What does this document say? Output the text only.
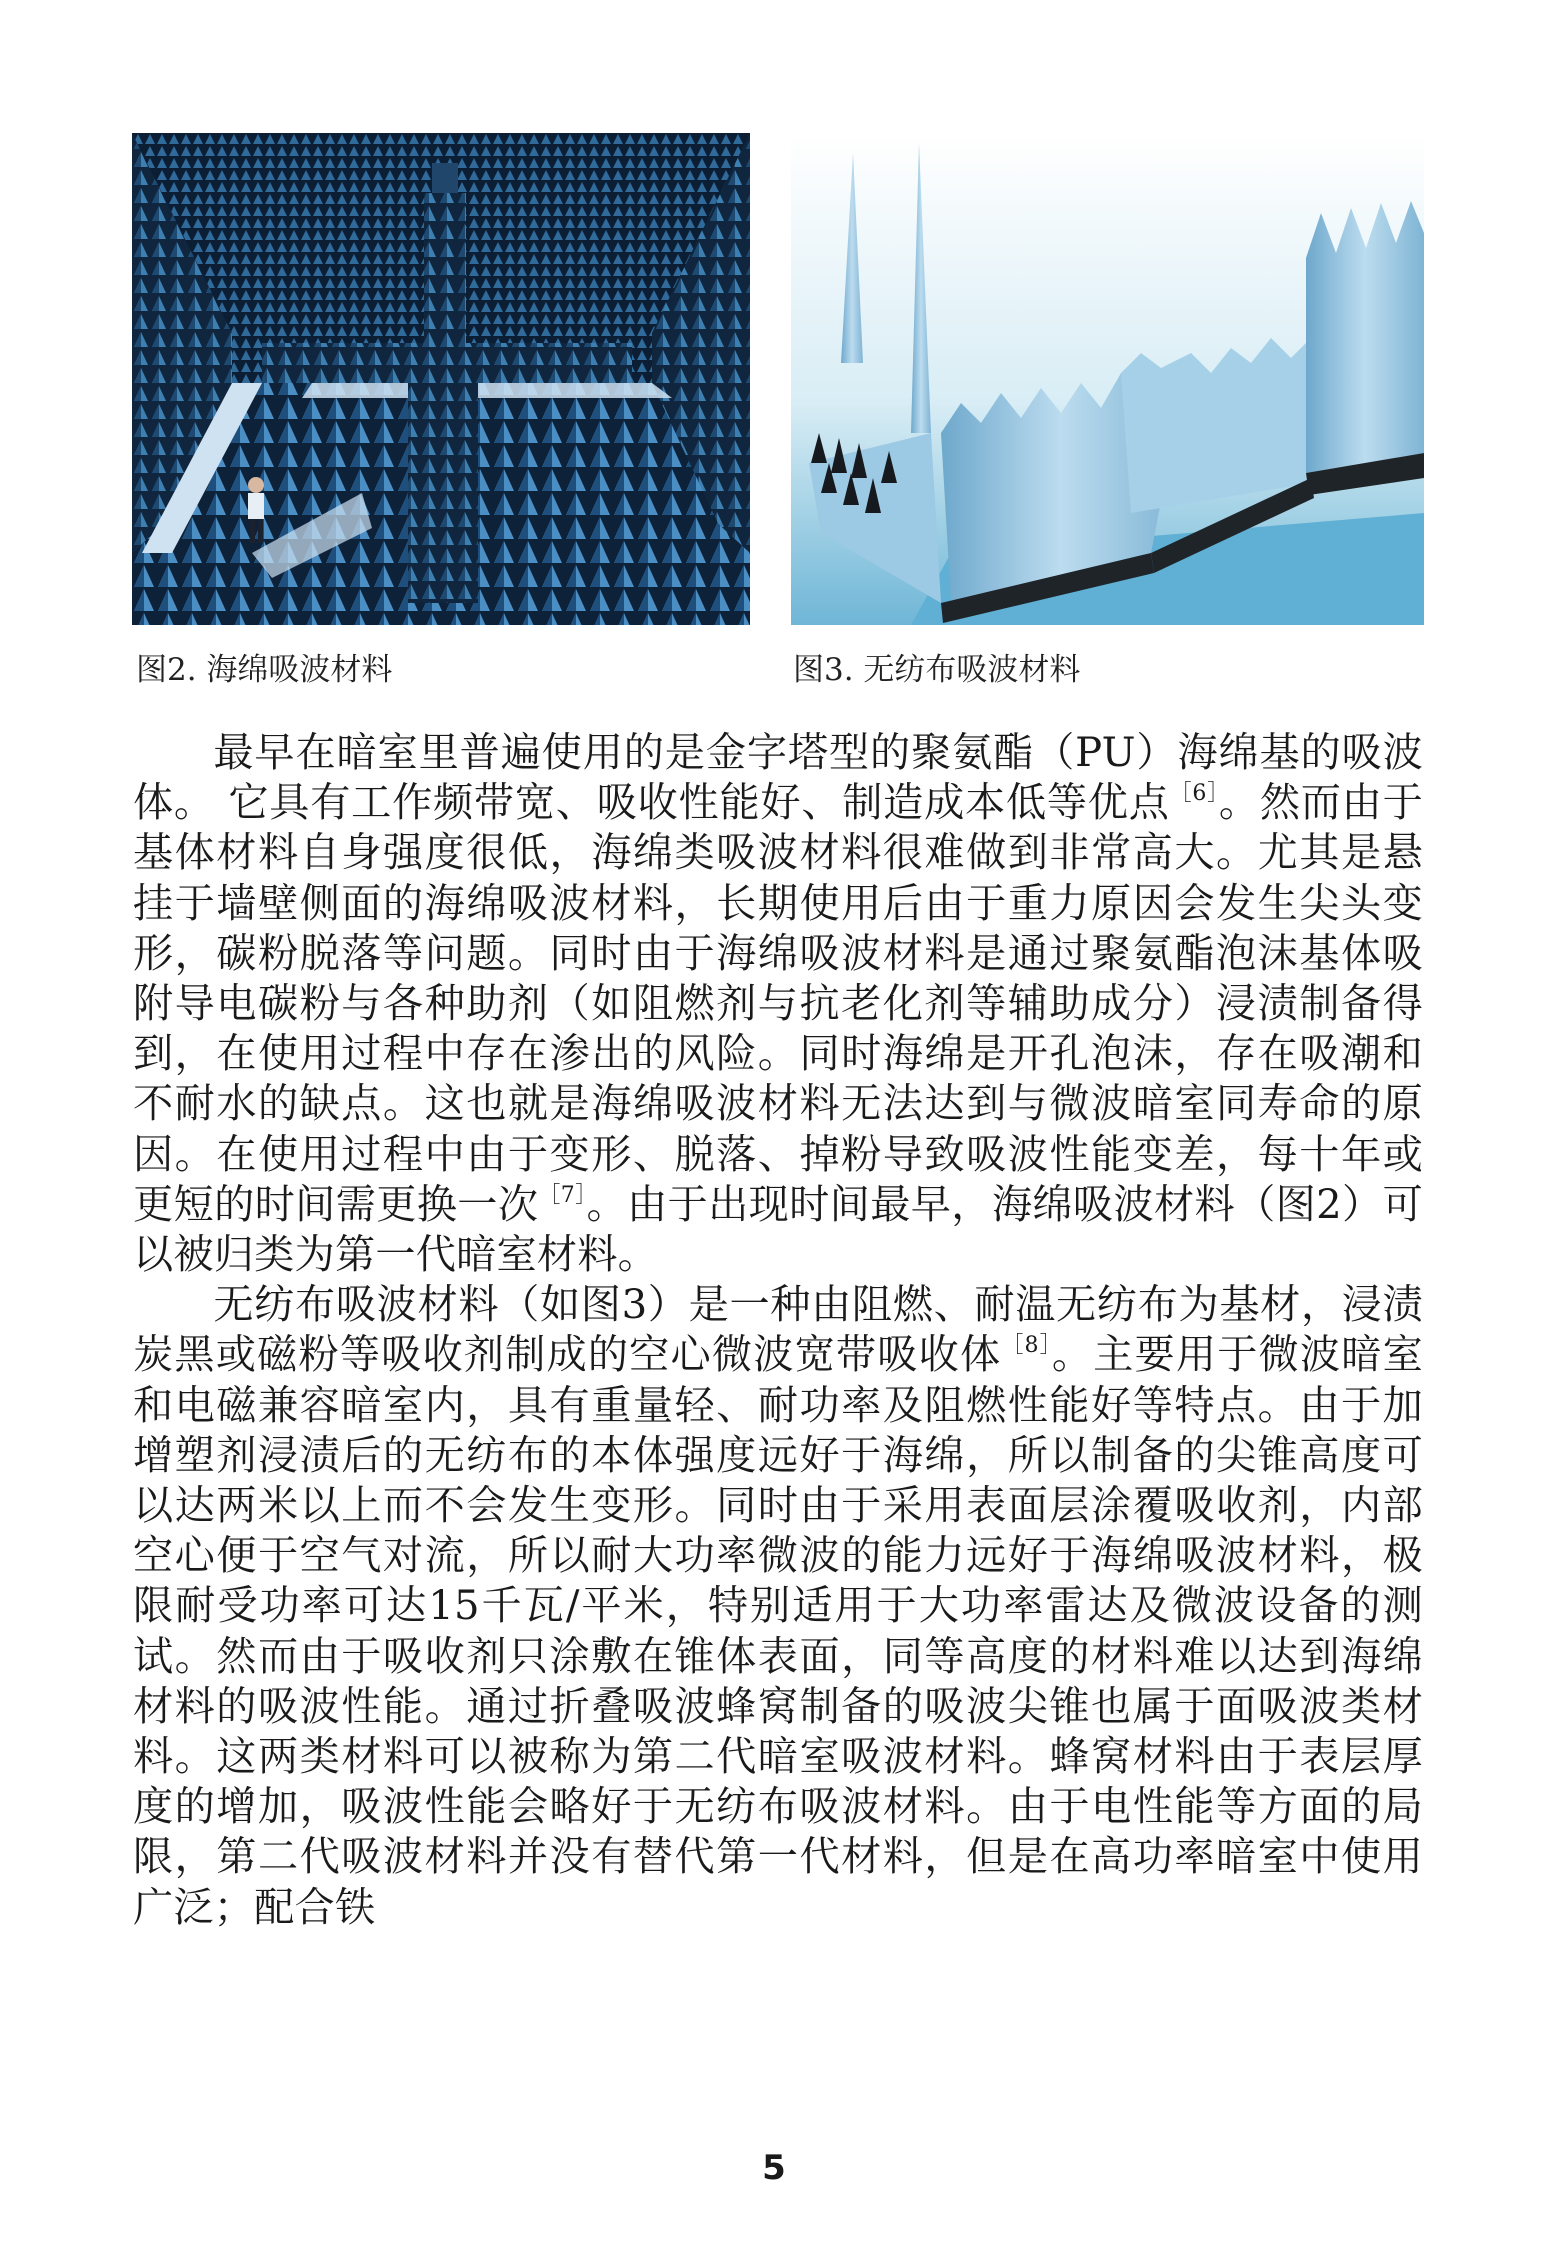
图2. 海绵吸波材料	图3. 无纺布吸波材料

最早在暗室里普遍使用的是金字塔型的聚氨酯（PU）海绵基的吸波体。 它具有工作频带宽、吸收性能好、制造成本低等优点$^{[6]}$。然而由于基体材料自身强度很低，海绵类吸波材料很难做到非常高大。尤其是悬挂于墙壁侧面的海绵吸波材料，长期使用后由于重力原因会发生尖头变形，碳粉脱落等问题。同时由于海绵吸波材料是通过聚氨酯泡沫基体吸附导电碳粉与各种助剂（如阻燃剂与抗老化剂等辅助成分）浸渍制备得到，在使用过程中存在渗出的风险。同时海绵是开孔泡沫，存在吸潮和不耐水的缺点。这也就是海绵吸波材料无法达到与微波暗室同寿命的原因。在使用过程中由于变形、脱落、掉粉导致吸波性能变差，每十年或更短的时间需更换一次$^{[7]}$。由于出现时间最早，海绵吸波材料（图2）可以被归类为第一代暗室材料。

无纺布吸波材料（如图3）是一种由阻燃、耐温无纺布为基材，浸渍炭黑或磁粉等吸收剂制成的空心微波宽带吸收体$^{[8]}$。主要用于微波暗室和电磁兼容暗室内，具有重量轻、耐功率及阻燃性能好等特点。由于加增塑剂浸渍后的无纺布的本体强度远好于海绵，所以制备的尖锥高度可以达两米以上而不会发生变形。同时由于采用表面层涂覆吸收剂，内部空心便于空气对流，所以耐大功率微波的能力远好于海绵吸波材料，极限耐受功率可达15千瓦/平米，特别适用于大功率雷达及微波设备的测试。然而由于吸收剂只涂敷在锥体表面，同等高度的材料难以达到海绵材料的吸波性能。通过折叠吸波蜂窝制备的吸波尖锥也属于面吸波类材料。这两类材料可以被称为第二代暗室吸波材料。蜂窝材料由于表层厚度的增加，吸波性能会略好于无纺布吸波材料。由于电性能等方面的局限，第二代吸波材料并没有替代第一代材料，但是在高功率暗室中使用广泛；配合铁

5
